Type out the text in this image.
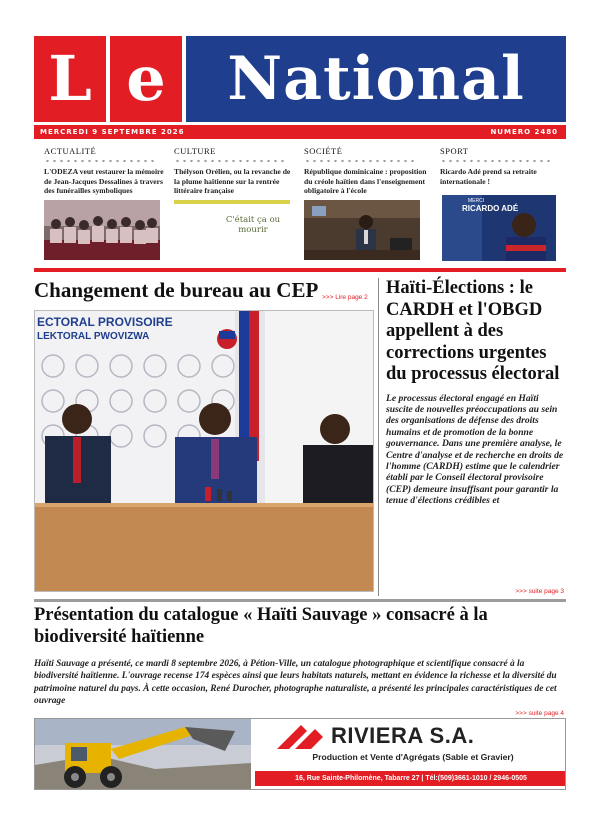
L e	National
MERCREDI 9 SEPTEMBRE 2026	NUMERO 2480
ACTUALITÉ
L'ODEZA veut restaurer la mémoire de Jean-Jacques Dessalines à travers des funérailles symboliques
CULTURE
Thélyson Orélien, ou la revanche de la plume haïtienne sur la rentrée littéraire française
C'était ça ou mourir
SOCIÉTÉ
République dominicaine : proposition du créole haïtien dans l'enseignement obligatoire à l'école
SPORT
Ricardo Adé prend sa retraite internationale !
MERCI
RICARDO ADÉ
Changement de bureau au CEP >>> Lire page 2
ECTORAL PROVISOIRE
LEKTORAL PWOVIZWA
Haïti-Élections : le CARDH et l'OBGD appellent à des corrections urgentes du processus électoral
Le processus électoral engagé en Haïti suscite de nouvelles préoccupations au sein des organisations de défense des droits humains et de promotion de la bonne gouvernance. Dans une première analyse, le Centre d'analyse et de recherche en droits de l'homme (CARDH) estime que le calendrier établi par le Conseil électoral provisoire (CEP) demeure insuffisant pour garantir la tenue d'élections crédibles et
>>> suite page 3
Présentation du catalogue « Haïti Sauvage » consacré à la biodiversité haïtienne
Haïti Sauvage a présenté, ce mardi 8 septembre 2026, à Pétion-Ville, un catalogue photographique et scientifique consacré à la biodiversité haïtienne. L'ouvrage recense 174 espèces ainsi que leurs habitats naturels, mettant en évidence la richesse et la diversité du patrimoine naturel du pays. À cette occasion, René Durocher, photographe naturaliste, a présenté les principales caractéristiques de cet ouvrage
>>> suite page 4
RIVIERA S.A.
Production et Vente d'Agrégats (Sable et Gravier)
16, Rue Sainte-Philomène, Tabarre 27 | Tél:(509)3661-1010 / 2946-0505
